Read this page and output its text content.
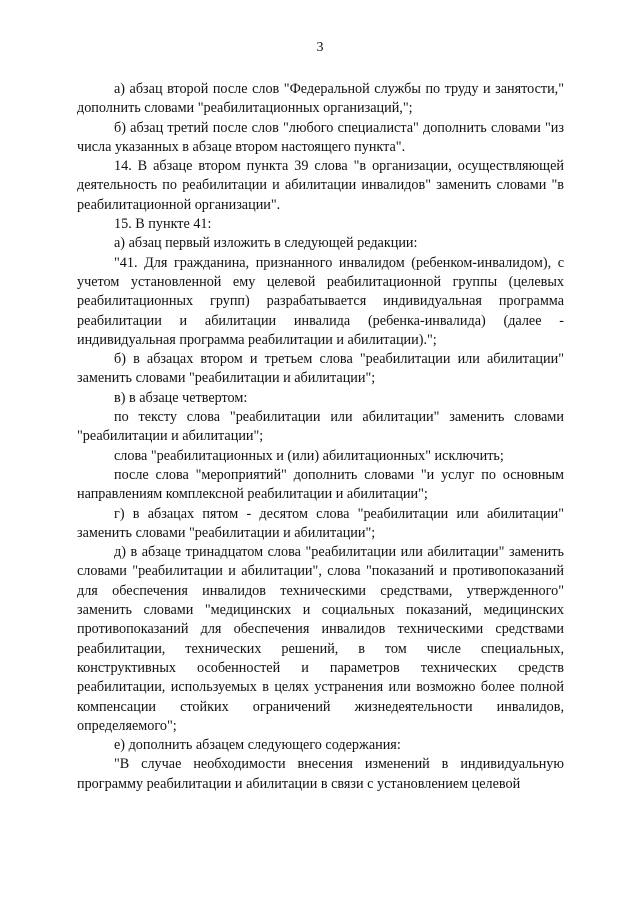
3

а) абзац второй после слов "Федеральной службы по труду и занятости," дополнить словами "реабилитационных организаций,";

б) абзац третий после слов "любого специалиста" дополнить словами "из числа указанных в абзаце втором настоящего пункта".

14. В абзаце втором пункта 39 слова "в организации, осуществляющей деятельность по реабилитации и абилитации инвалидов" заменить словами "в реабилитационной организации".

15. В пункте 41:

а) абзац первый изложить в следующей редакции:

"41. Для гражданина, признанного инвалидом (ребенком-инвалидом), с учетом установленной ему целевой реабилитационной группы (целевых реабилитационных групп) разрабатывается индивидуальная программа реабилитации и абилитации инвалида (ребенка-инвалида) (далее - индивидуальная программа реабилитации и абилитации).";

б) в абзацах втором и третьем слова "реабилитации или абилитации" заменить словами "реабилитации и абилитации";

в) в абзаце четвертом:

по тексту слова "реабилитации или абилитации" заменить словами "реабилитации и абилитации";

слова "реабилитационных и (или) абилитационных" исключить;

после слова "мероприятий" дополнить словами "и услуг по основным направлениям комплексной реабилитации и абилитации";

г) в абзацах пятом - десятом слова "реабилитации или абилитации" заменить словами "реабилитации и абилитации";

д) в абзаце тринадцатом слова "реабилитации или абилитации" заменить словами "реабилитации и абилитации", слова "показаний и противопоказаний для обеспечения инвалидов техническими средствами, утвержденного" заменить словами "медицинских и социальных показаний, медицинских противопоказаний для обеспечения инвалидов техническими средствами реабилитации, технических решений, в том числе специальных, конструктивных особенностей и параметров технических средств реабилитации, используемых в целях устранения или возможно более полной компенсации стойких ограничений жизнедеятельности инвалидов, определяемого";

е) дополнить абзацем следующего содержания:

"В случае необходимости внесения изменений в индивидуальную программу реабилитации и абилитации в связи с установлением целевой
